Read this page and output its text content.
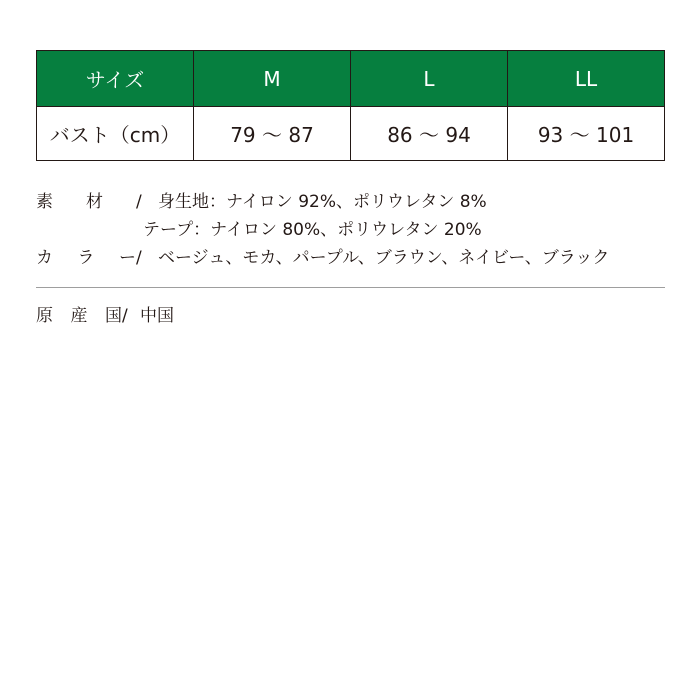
サイズ	M	L	LL
バスト（cm）	79 〜 87	86 〜 94	93 〜 101
素 材 / 身生地：ナイロン 92%、ポリウレタン 8%
テープ：ナイロン 80%、ポリウレタン 20%
カ ラ ー / ベージュ、モカ、パープル、ブラウン、ネイビー、ブラック
原 産 国 / 中国
